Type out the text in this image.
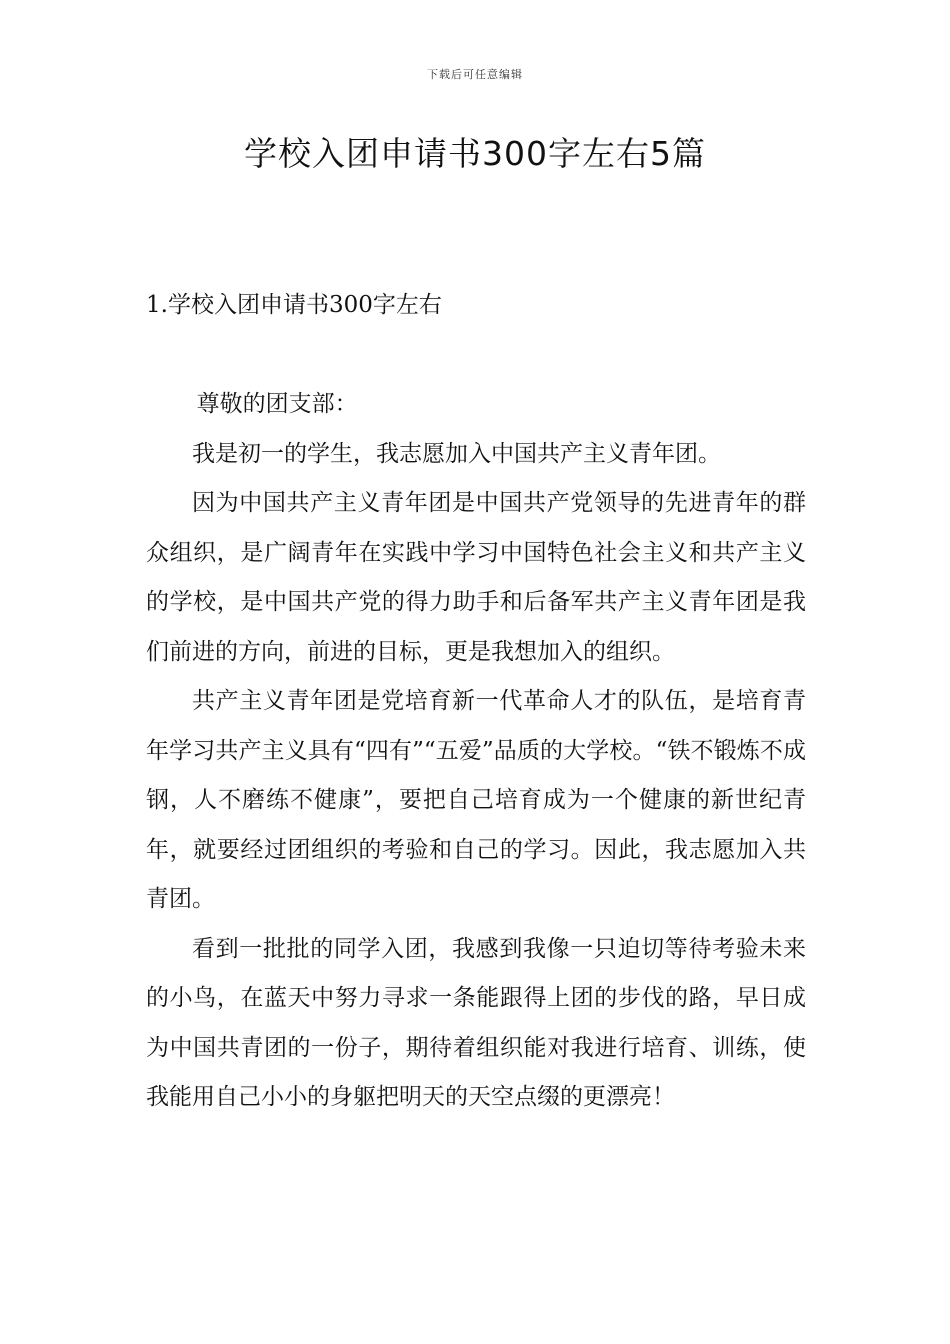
下载后可任意编辑
学校入团申请书300字左右5篇
1.学校入团申请书300字左右

尊敬的团支部：

我是初一的学生，我志愿加入中国共产主义青年团。

因为中国共产主义青年团是中国共产党领导的先进青年的群众组织，是广阔青年在实践中学习中国特色社会主义和共产主义的学校，是中国共产党的得力助手和后备军共产主义青年团是我们前进的方向，前进的目标，更是我想加入的组织。

共产主义青年团是党培育新一代革命人才的队伍，是培育青年学习共产主义具有“四有”“五爱”品质的大学校。“铁不锻炼不成钢，人不磨练不健康”，要把自己培育成为一个健康的新世纪青年，就要经过团组织的考验和自己的学习。因此，我志愿加入共青团。

看到一批批的同学入团，我感到我像一只迫切等待考验未来的小鸟，在蓝天中努力寻求一条能跟得上团的步伐的路，早日成为中国共青团的一份子，期待着组织能对我进行培育、训练，使我能用自己小小的身躯把明天的天空点缀的更漂亮！
